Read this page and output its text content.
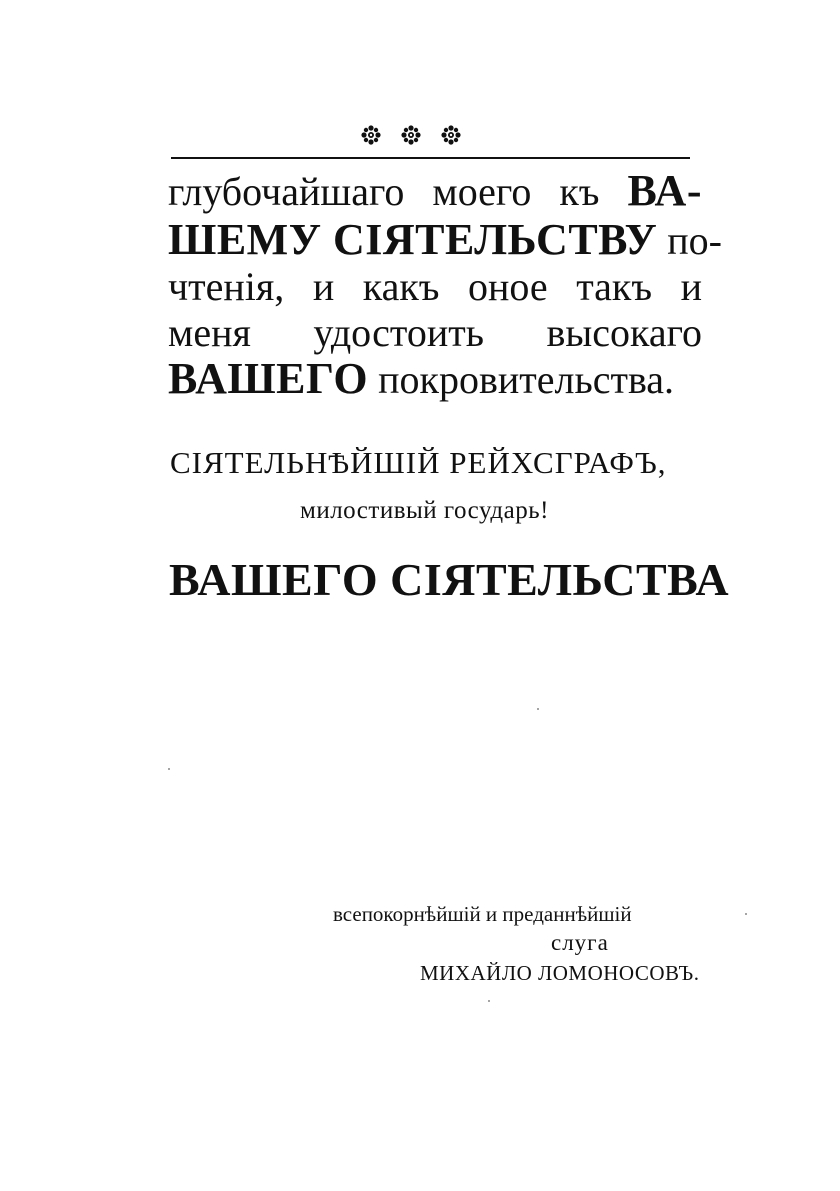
глубочайшаго моего къ ВА-
ШЕМУ СІЯТЕЛЬСТВУ по-
чтенія, и какъ оное такъ и
меня удостоить высокаго
ВАШЕГО покровительства.
СІЯТЕЛЬНѢЙШІЙ РЕЙХСГРАФЪ,
милостивый государь!
ВАШЕГО СІЯТЕЛЬСТВА
всепокорнѣйшій и преданнѣйшій
слуга
МИХАЙЛО ЛОМОНОСОВЪ.
